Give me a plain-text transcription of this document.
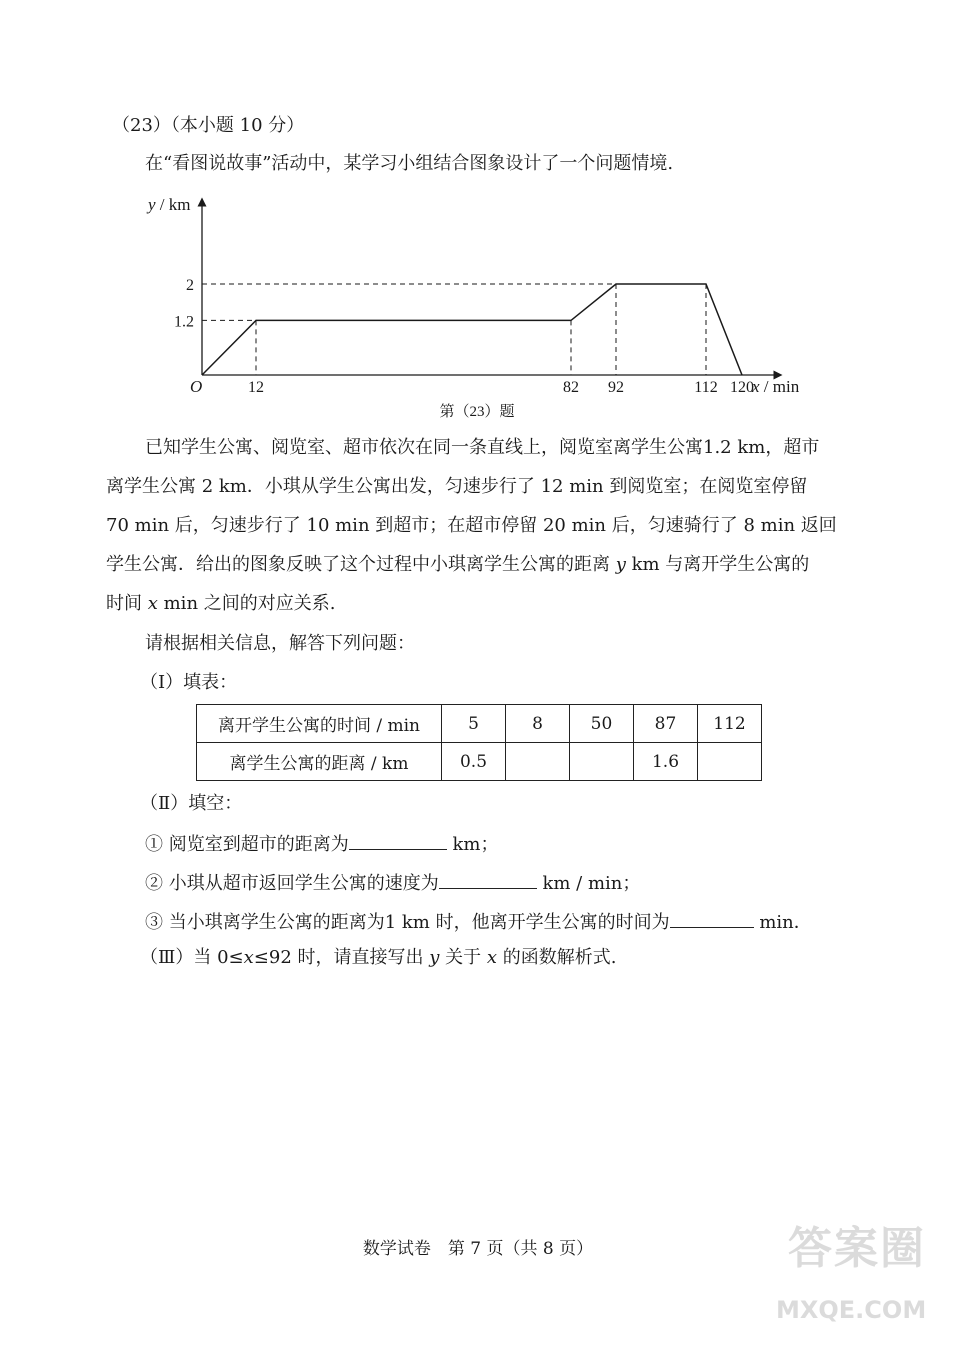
（23）（本小题 10 分）
在“看图说故事”活动中，某学习小组结合图象设计了一个问题情境.
12	82 92	112 120
1.2
2
O
y / km
x / min
第（23）题
已知学生公寓、阅览室、超市依次在同一条直线上，阅览室离学生公寓1.2 km，超市
离学生公寓 2 km．小琪从学生公寓出发，匀速步行了 12 min 到阅览室；在阅览室停留
70 min 后，匀速步行了 10 min 到超市；在超市停留 20 min 后，匀速骑行了 8 min 返回
学生公寓．给出的图象反映了这个过程中小琪离学生公寓的距离 y km 与离开学生公寓的
时间 x min 之间的对应关系.
请根据相关信息，解答下列问题：
（Ⅰ）填表：
离开学生公寓的时间 / min	5	8	50	87	112
离学生公寓的距离 / km	0.5			1.6	
（Ⅱ）填空：
① 阅览室到超市的距离为	km；
② 小琪从超市返回学生公寓的速度为	km / min；
③ 当小琪离学生公寓的距离为1 km 时，他离开学生公寓的时间为	min．
（Ⅲ）当 0≤x≤92 时，请直接写出 y 关于 x 的函数解析式.
数学试卷　第 7 页（共 8 页）	答案圈
MXQE.COM
